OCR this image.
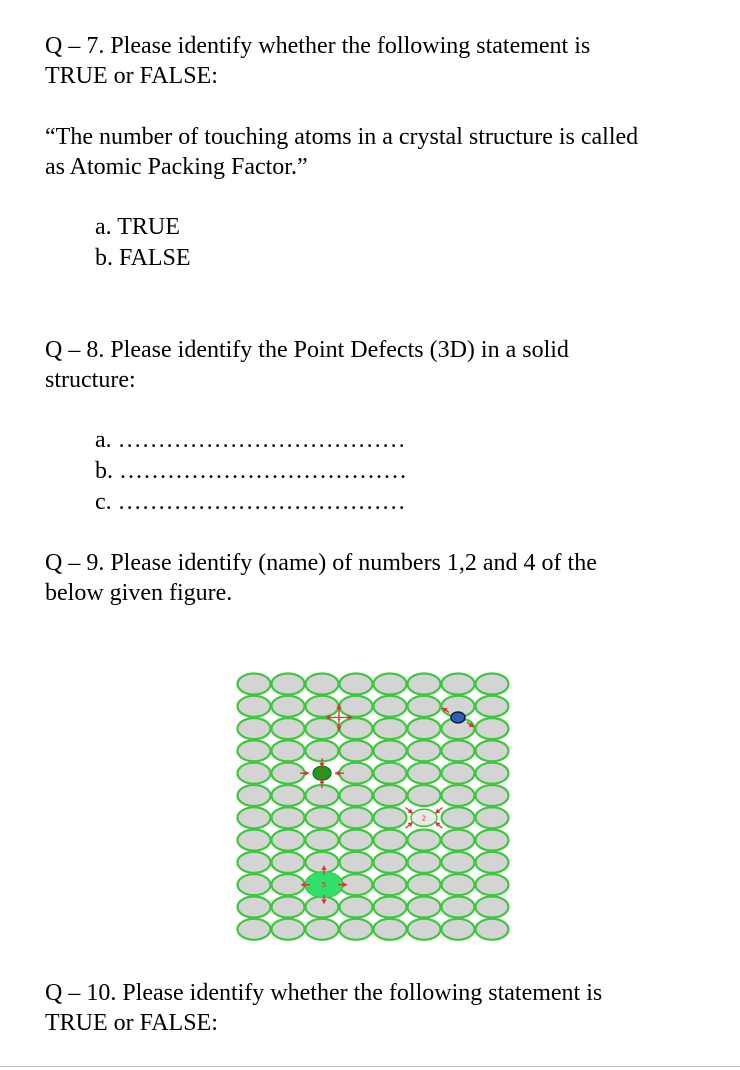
Q – 7. Please identify whether the following statement is
TRUE or FALSE:
“The number of touching atoms in a crystal structure is called
as Atomic Packing Factor.”

a. TRUE

b. FALSE

Q – 8. Please identify the Point Defects (3D) in a solid
structure:

a. ………………………………

b. ………………………………

c. ………………………………

Q – 9. Please identify (name) of numbers 1,2 and 4 of the
below given figure.
1
2
3
4
5
Q – 10. Please identify whether the following statement is
TRUE or FALSE:
